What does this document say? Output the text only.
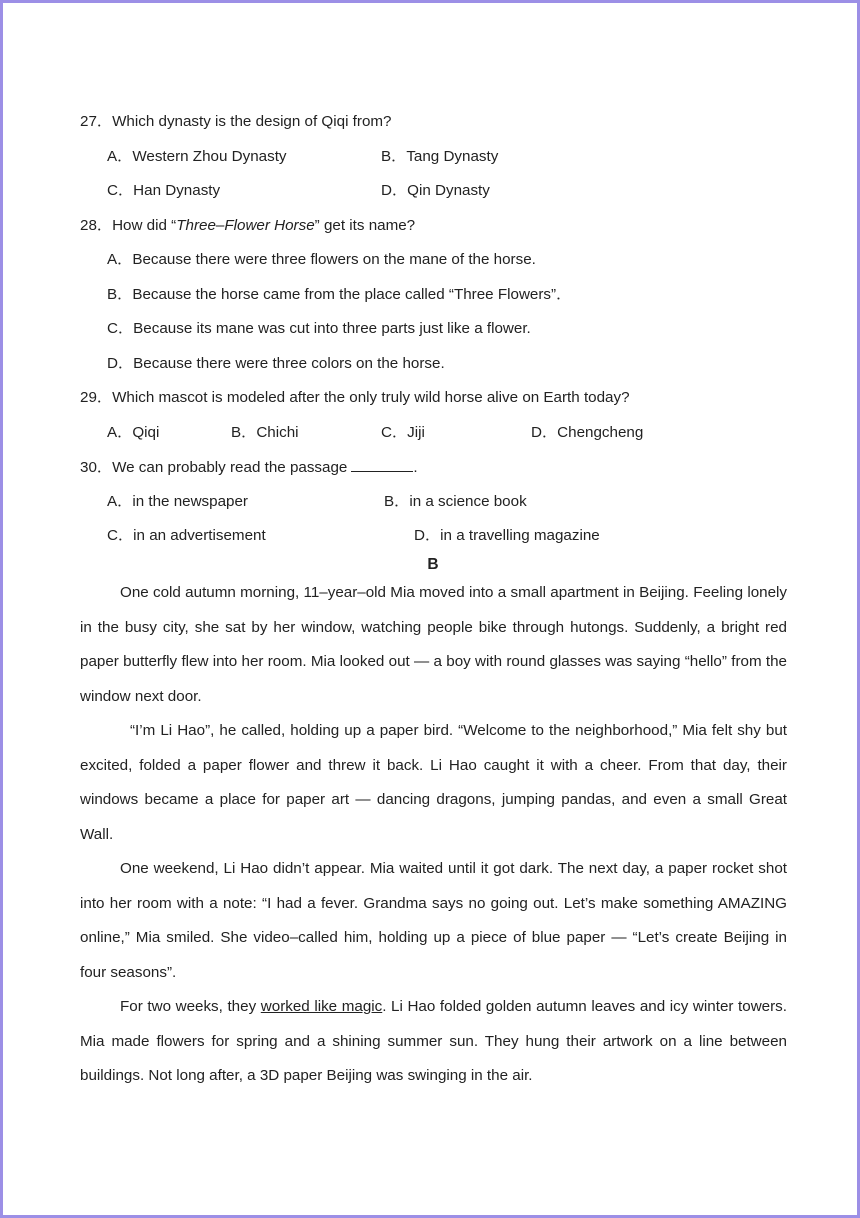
27．Which dynasty is the design of Qiqi from?
A．Western Zhou Dynasty	B．Tang Dynasty
C．Han Dynasty	D．Qin Dynasty
28．How did “Three–Flower Horse” get its name?
A．Because there were three flowers on the mane of the horse.
B．Because the horse came from the place called “Three Flowers”．
C．Because its mane was cut into three parts just like a flower.
D．Because there were three colors on the horse.
29．Which mascot is modeled after the only truly wild horse alive on Earth today?
A．Qiqi	B．Chichi	C．Jiji	D．Chengcheng
30．We can probably read the passage	.
A．in the newspaper	B．in a science book
C．in an advertisement	D．in a travelling magazine
B
One cold autumn morning, 11–year–old Mia moved into a small apartment in Beijing. Feeling lonely in the busy city, she sat by her window, watching people bike through hutongs. Suddenly, a bright red paper butterfly flew into her room. Mia looked out — a boy with round glasses was saying “hello” from the window next door.
“I’m Li Hao”, he called, holding up a paper bird. “Welcome to the neighborhood,” Mia felt shy but excited, folded a paper flower and threw it back. Li Hao caught it with a cheer. From that day, their windows became a place for paper art — dancing dragons, jumping pandas, and even a small Great Wall.
One weekend, Li Hao didn’t appear. Mia waited until it got dark. The next day, a paper rocket shot into her room with a note: “I had a fever. Grandma says no going out. Let’s make something AMAZING online,” Mia smiled. She video–called him, holding up a piece of blue paper — “Let’s create Beijing in four seasons”.
For two weeks, they worked like magic. Li Hao folded golden autumn leaves and icy winter towers. Mia made flowers for spring and a shining summer sun. They hung their artwork on a line between buildings. Not long after, a 3D paper Beijing was swinging in the air.
